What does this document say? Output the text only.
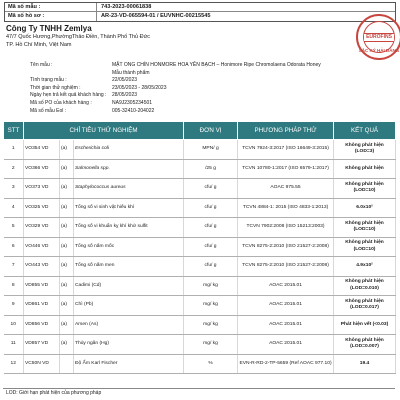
Mã số mẫu :	743-2023-00061838
Mã số hồ sơ :	AR-23-VD-065594-01 / EUVNHC-00215545
Công Ty TNHH Zemlya
47/7 Quốc Hương,PhườngThảo Điền, Thành Phố Thủ Đức
TP. Hồ Chí Minh, Việt Nam
EUROFINS
SẮC KÝ HẢI ĐĂNG
Tên mẫu :	MẬT ONG CHÍN HONMORE HOA YÊN BẠCH – Honimore Ripe Chromolaena Odorata Honey
Mẫu thành phẩm
Tình trạng mẫu :	22/05/2023
Thời gian thử nghiệm :	23/05/2023 - 28/05/2023
Ngày hẹn trả kết quả khách hàng :	28/05/2023
Mã số PO của khách hàng :	NA9J2305234501
Mã số mẫu Eol :	005-32410-204022
STT	CHỈ TIÊU THỬ NGHIỆM			ĐƠN VỊ	PHƯƠNG PHÁP THỬ	KẾT QUẢ
1	VO354 VD	(a)	Escherichia coli	MPN/ g	TCVN 7924-3:2017 (ISO 16649-3:2015)	Không phát hiện (LOD=3)
2	VO366 VD	(a)	Salmonella spp.	/25 g	TCVN 10780-1:2017 (ISO 6579-1:2017)	Không phát hiện
3	VO373 VD	(a)	Staphylococcus aureus	cfu/ g	AOAC 975.55	Không phát hiện (LOD=10)
4	VO325 VD	(a)	Tổng số vi sinh vật hiếu khí	cfu/ g	TCVN 4884-1: 2015 (ISO 4833-1:2013)	6.0x10²
5	VO329 VD	(a)	Tổng số vi khuẩn kỵ khí khử sulfit	cfu/ g	TCVN 7902:2008 (ISO 15213:2003)	Không phát hiện (LOD=10)
6	VO446 VD	(a)	Tổng số nấm mốc	cfu/ g	TCVN 8275-2:2010 (ISO 21527-2:2008)	Không phát hiện (LOD=10)
7	VO443 VD	(a)	Tổng số nấm men	cfu/ g	TCVN 8275-2:2010 (ISO 21527-2:2008)	4.9x10²
8	VD855 VD	(a)	Cadimi (Cd)	mg/ kg	AOAC 2015.01	Không phát hiện (LOD=0.010)
9	VD861 VD	(a)	Chì (Pb)	mg/ kg	AOAC 2015.01	Không phát hiện (LOD=0.017)
10	VD856 VD	(a)	Arsen (As)	mg/ kg	AOAC 2015.01	Phát hiện vết (<0.03)
11	VD857 VD	(a)	Thủy ngân (Hg)	mg/ kg	AOAC 2015.01	Không phát hiện (LOD=0.007)
12	VC50N VD		Độ Ẩm Karl Fischer	%	EVN-R-RD-2-TP-5659 (Ref AOAC 977.10)	19.4
LOD: Giới hạn phát hiện của phương pháp
